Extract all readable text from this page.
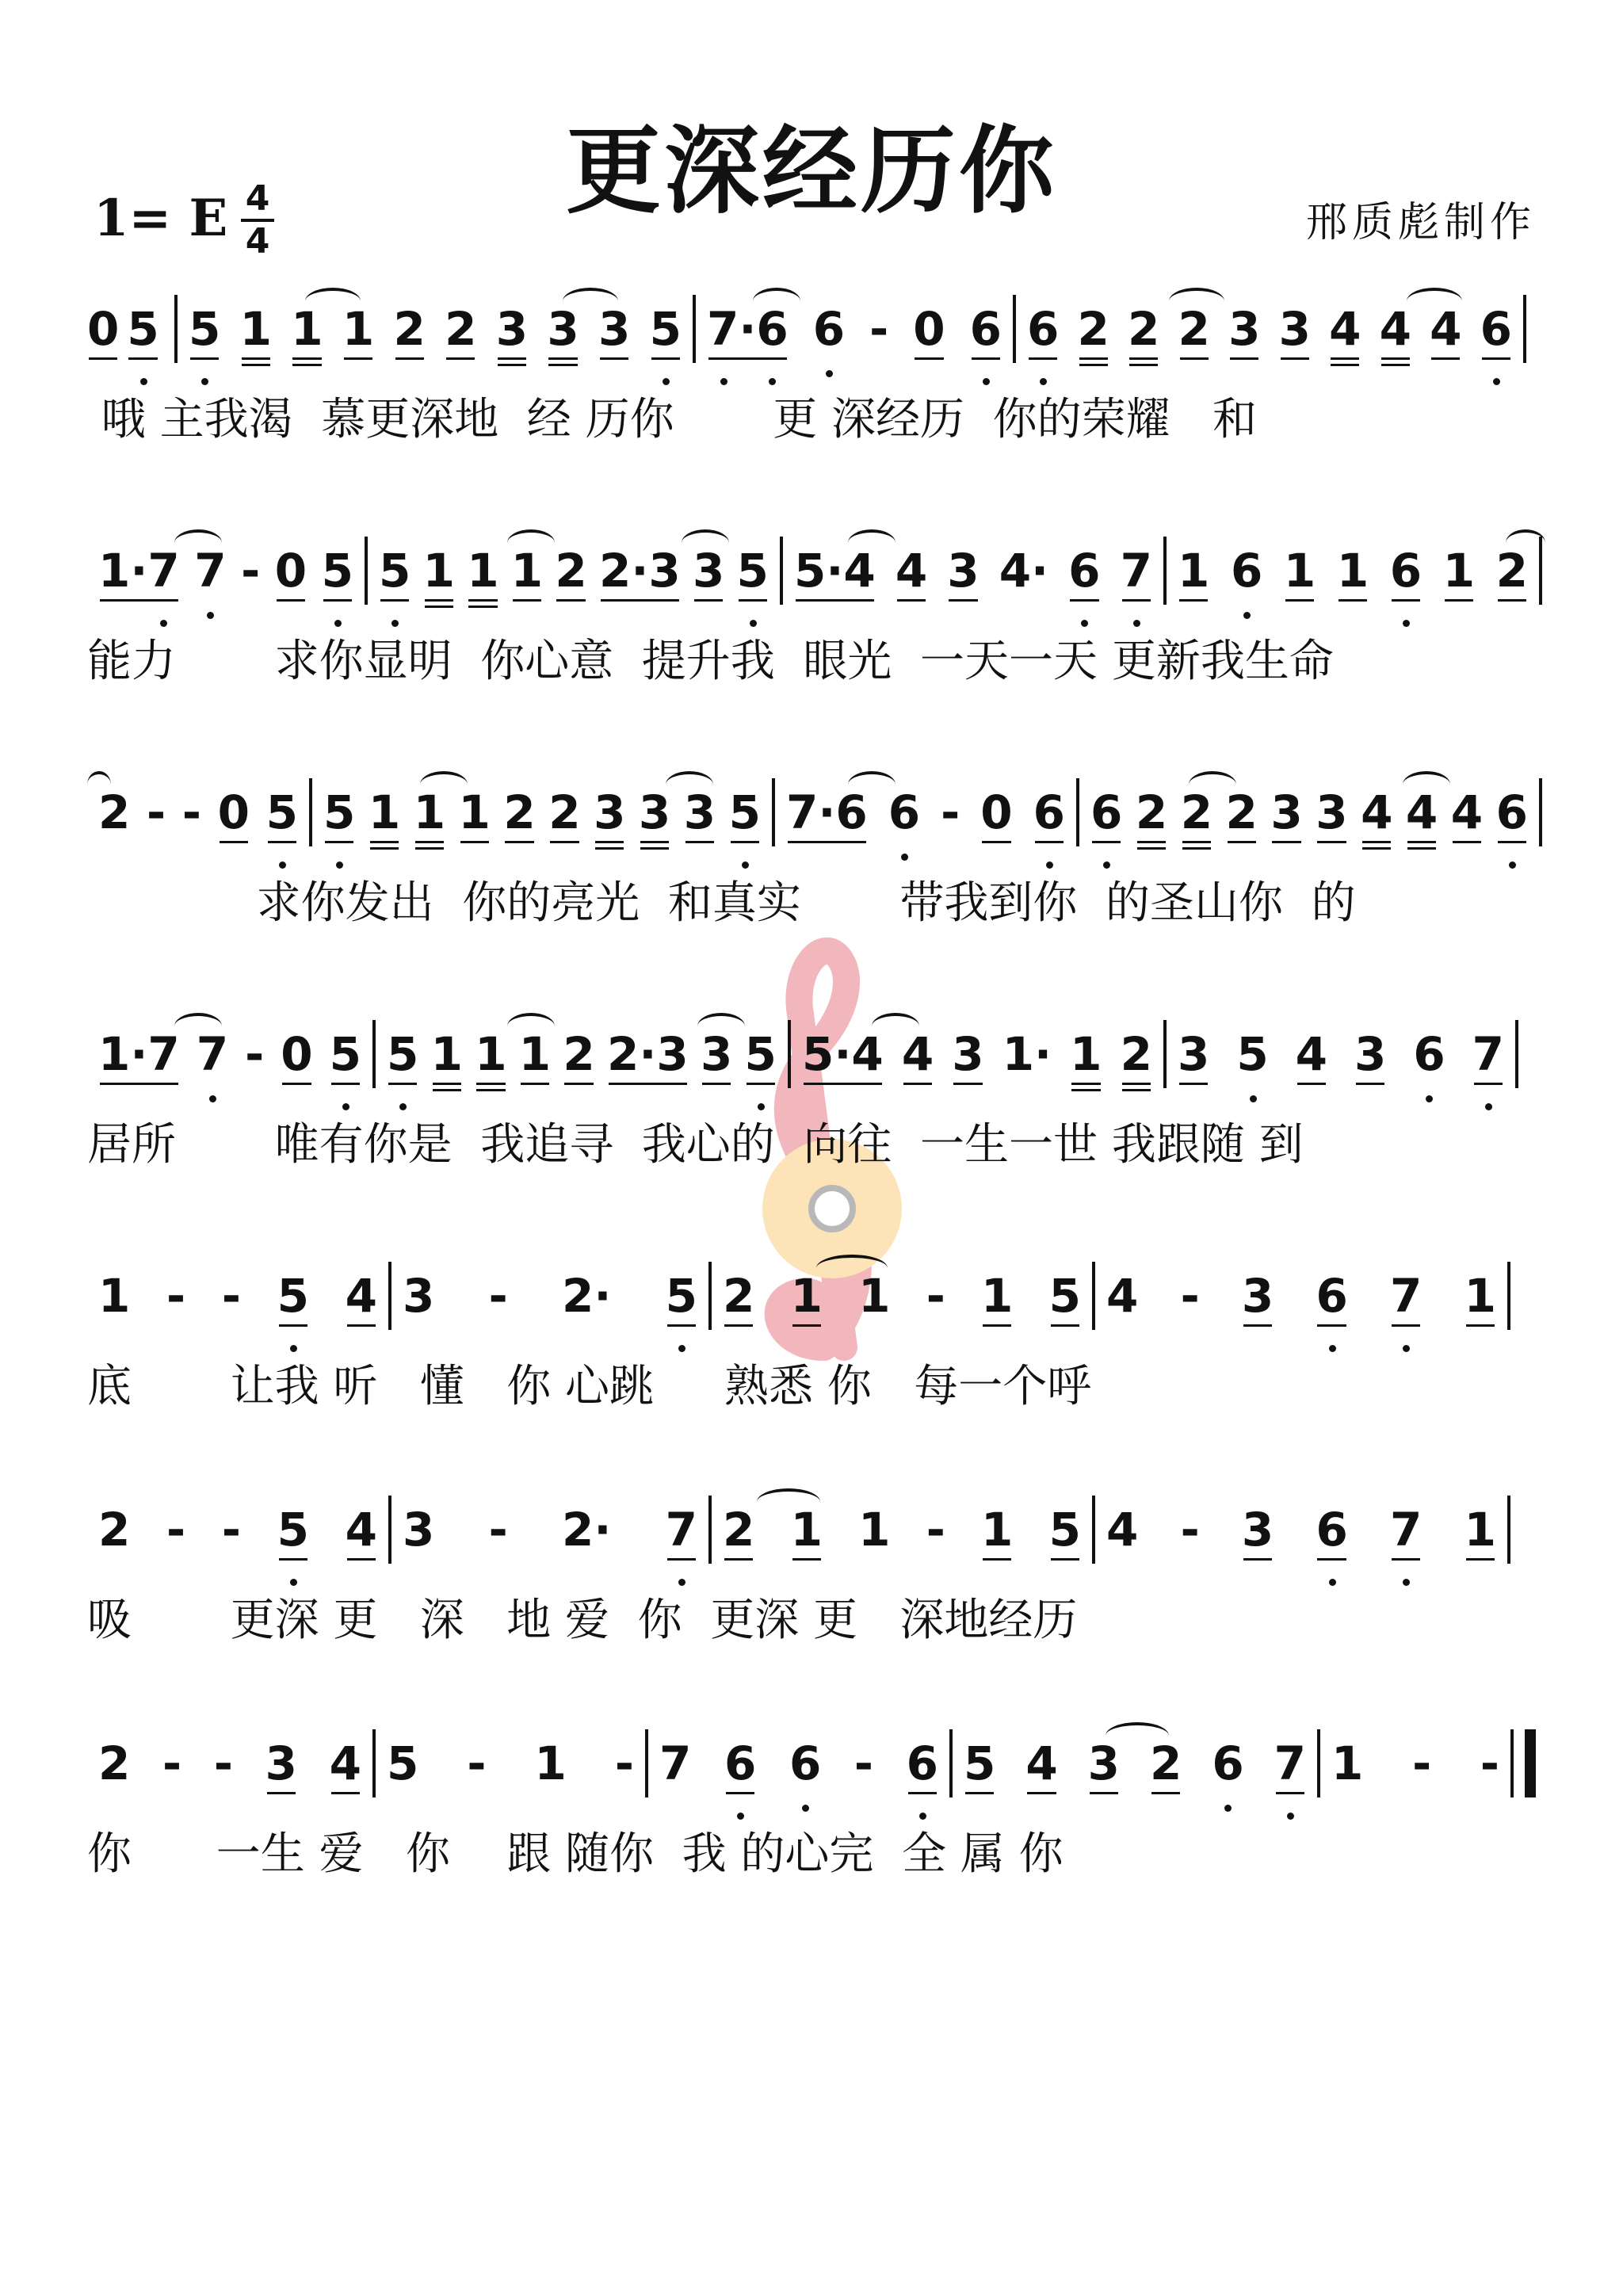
更深经历你
1= E 4
4	邢质彪制作
0 5 5 1 1 1 2 2 3 3 3 5 7·6 6 - 0 6 6 2 2 2 3 3 4 4 4 6
哦 主我渴  慕更深地  经 历你       更 深经历  你的荣耀   和
1·7 7 - 0 5 5 1 1 1 2 2·3 3 5 5·4 4 3 4· 6 7 1 6 1 1 6 1 2
能力       求你显明  你心意  提升我  眼光  一天一天 更新我生命
2 - - 0 5 5 1 1 1 2 2 3 3 3 5 7·6 6 - 0 6 6 2 2 2 3 3 4 4 4 6
求你发出  你的亮光  和真实       带我到你  的圣山你  的
1·7 7 - 0 5 5 1 1 1 2 2·3 3 5 5·4 4 3 1· 1 2 3 5 4 3 6 7
居所       唯有你是  我追寻  我心的  向往  一生一世 我跟随 到
1 - - 5 4 3 - 2· 5 2 1 1 - 1 5 4 - 3 6 7 1
底       让我 听   懂   你 心跳     熟悉 你   每一个呼
2 - - 5 4 3 - 2· 7 2 1 1 - 1 5 4 - 3 6 7 1
吸       更深 更   深   地 爱  你  更深 更   深地经历
2 - - 3 4 5 - 1 - 7 6 6 - 6 5 4 3 2 6 7 1 - -
你      一生 爱   你    跟 随你  我 的心完  全 属 你
